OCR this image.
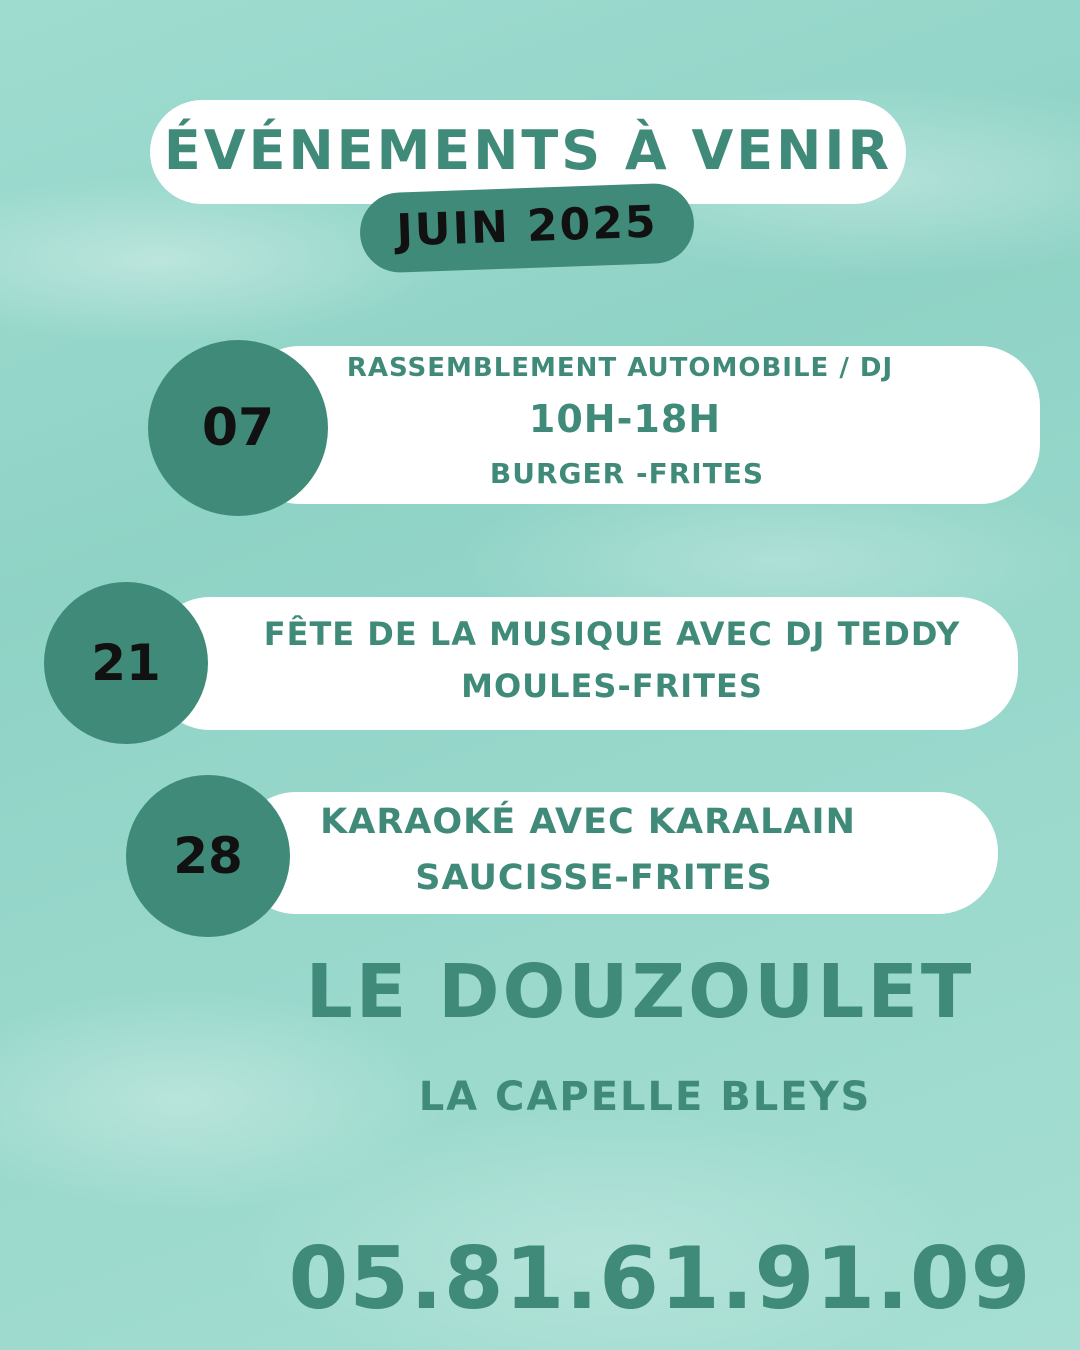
ÉVÉNEMENTS À VENIR
JUIN 2025
07
RASSEMBLEMENT AUTOMOBILE / DJ
10H-18H
BURGER -FRITES
21	FÊTE DE LA MUSIQUE AVEC DJ TEDDY
MOULES-FRITES
28
KARAOKÉ AVEC KARALAIN
SAUCISSE-FRITES
LE DOUZOULET
LA CAPELLE BLEYS
05.81.61.91.09
